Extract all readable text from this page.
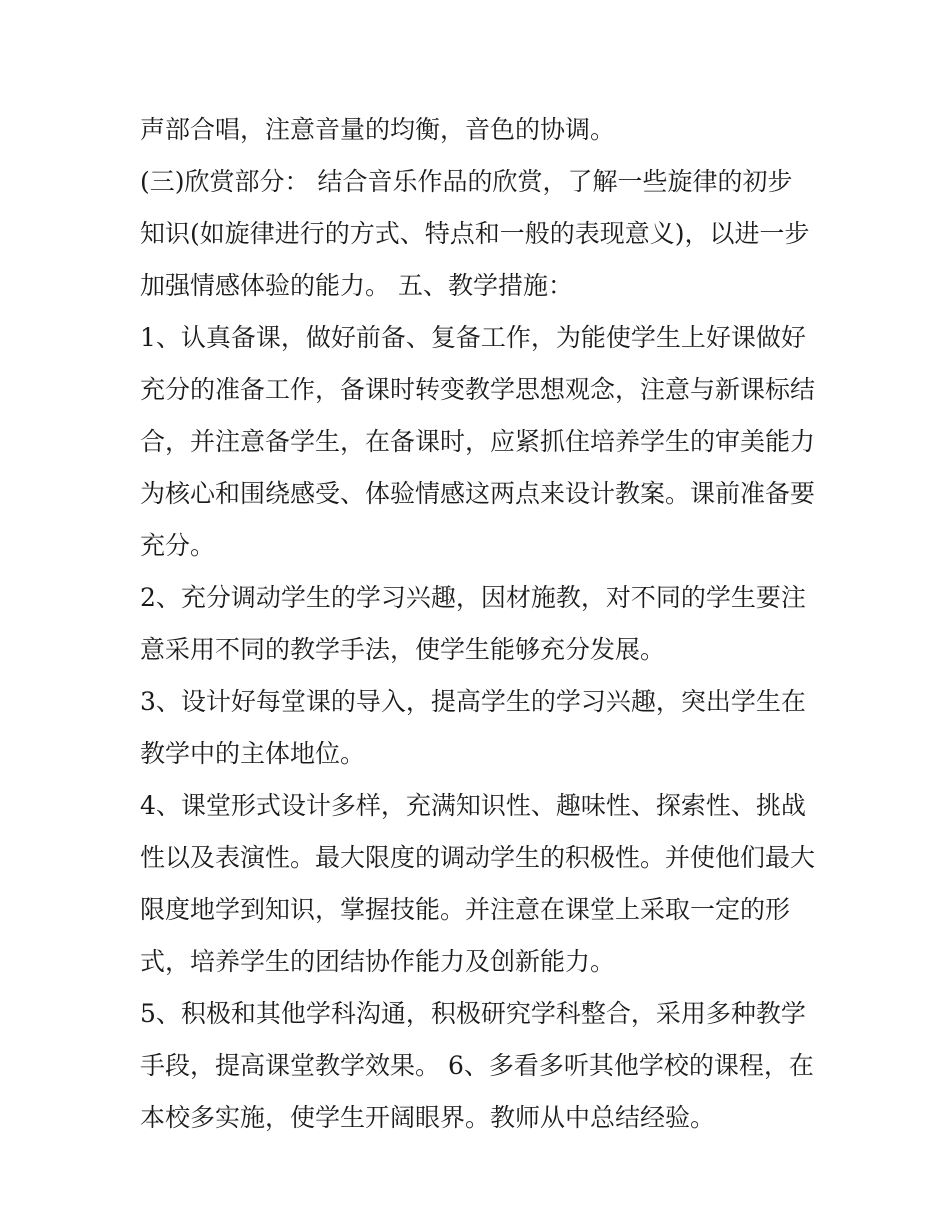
声部合唱，注意音量的均衡，音色的协调。
(三)欣赏部分： 结合音乐作品的欣赏，了解一些旋律的初步
知识(如旋律进行的方式、特点和一般的表现意义)，以进一步
加强情感体验的能力。 五、教学措施：
1、认真备课，做好前备、复备工作，为能使学生上好课做好
充分的准备工作，备课时转变教学思想观念，注意与新课标结
合，并注意备学生，在备课时，应紧抓住培养学生的审美能力
为核心和围绕感受、体验情感这两点来设计教案。课前准备要
充分。
2、充分调动学生的学习兴趣，因材施教，对不同的学生要注
意采用不同的教学手法，使学生能够充分发展。
3、设计好每堂课的导入，提高学生的学习兴趣，突出学生在
教学中的主体地位。
4、课堂形式设计多样，充满知识性、趣味性、探索性、挑战
性以及表演性。最大限度的调动学生的积极性。并使他们最大
限度地学到知识，掌握技能。并注意在课堂上采取一定的形
式，培养学生的团结协作能力及创新能力。
5、积极和其他学科沟通，积极研究学科整合，采用多种教学
手段，提高课堂教学效果。 6、多看多听其他学校的课程，在
本校多实施，使学生开阔眼界。教师从中总结经验。
